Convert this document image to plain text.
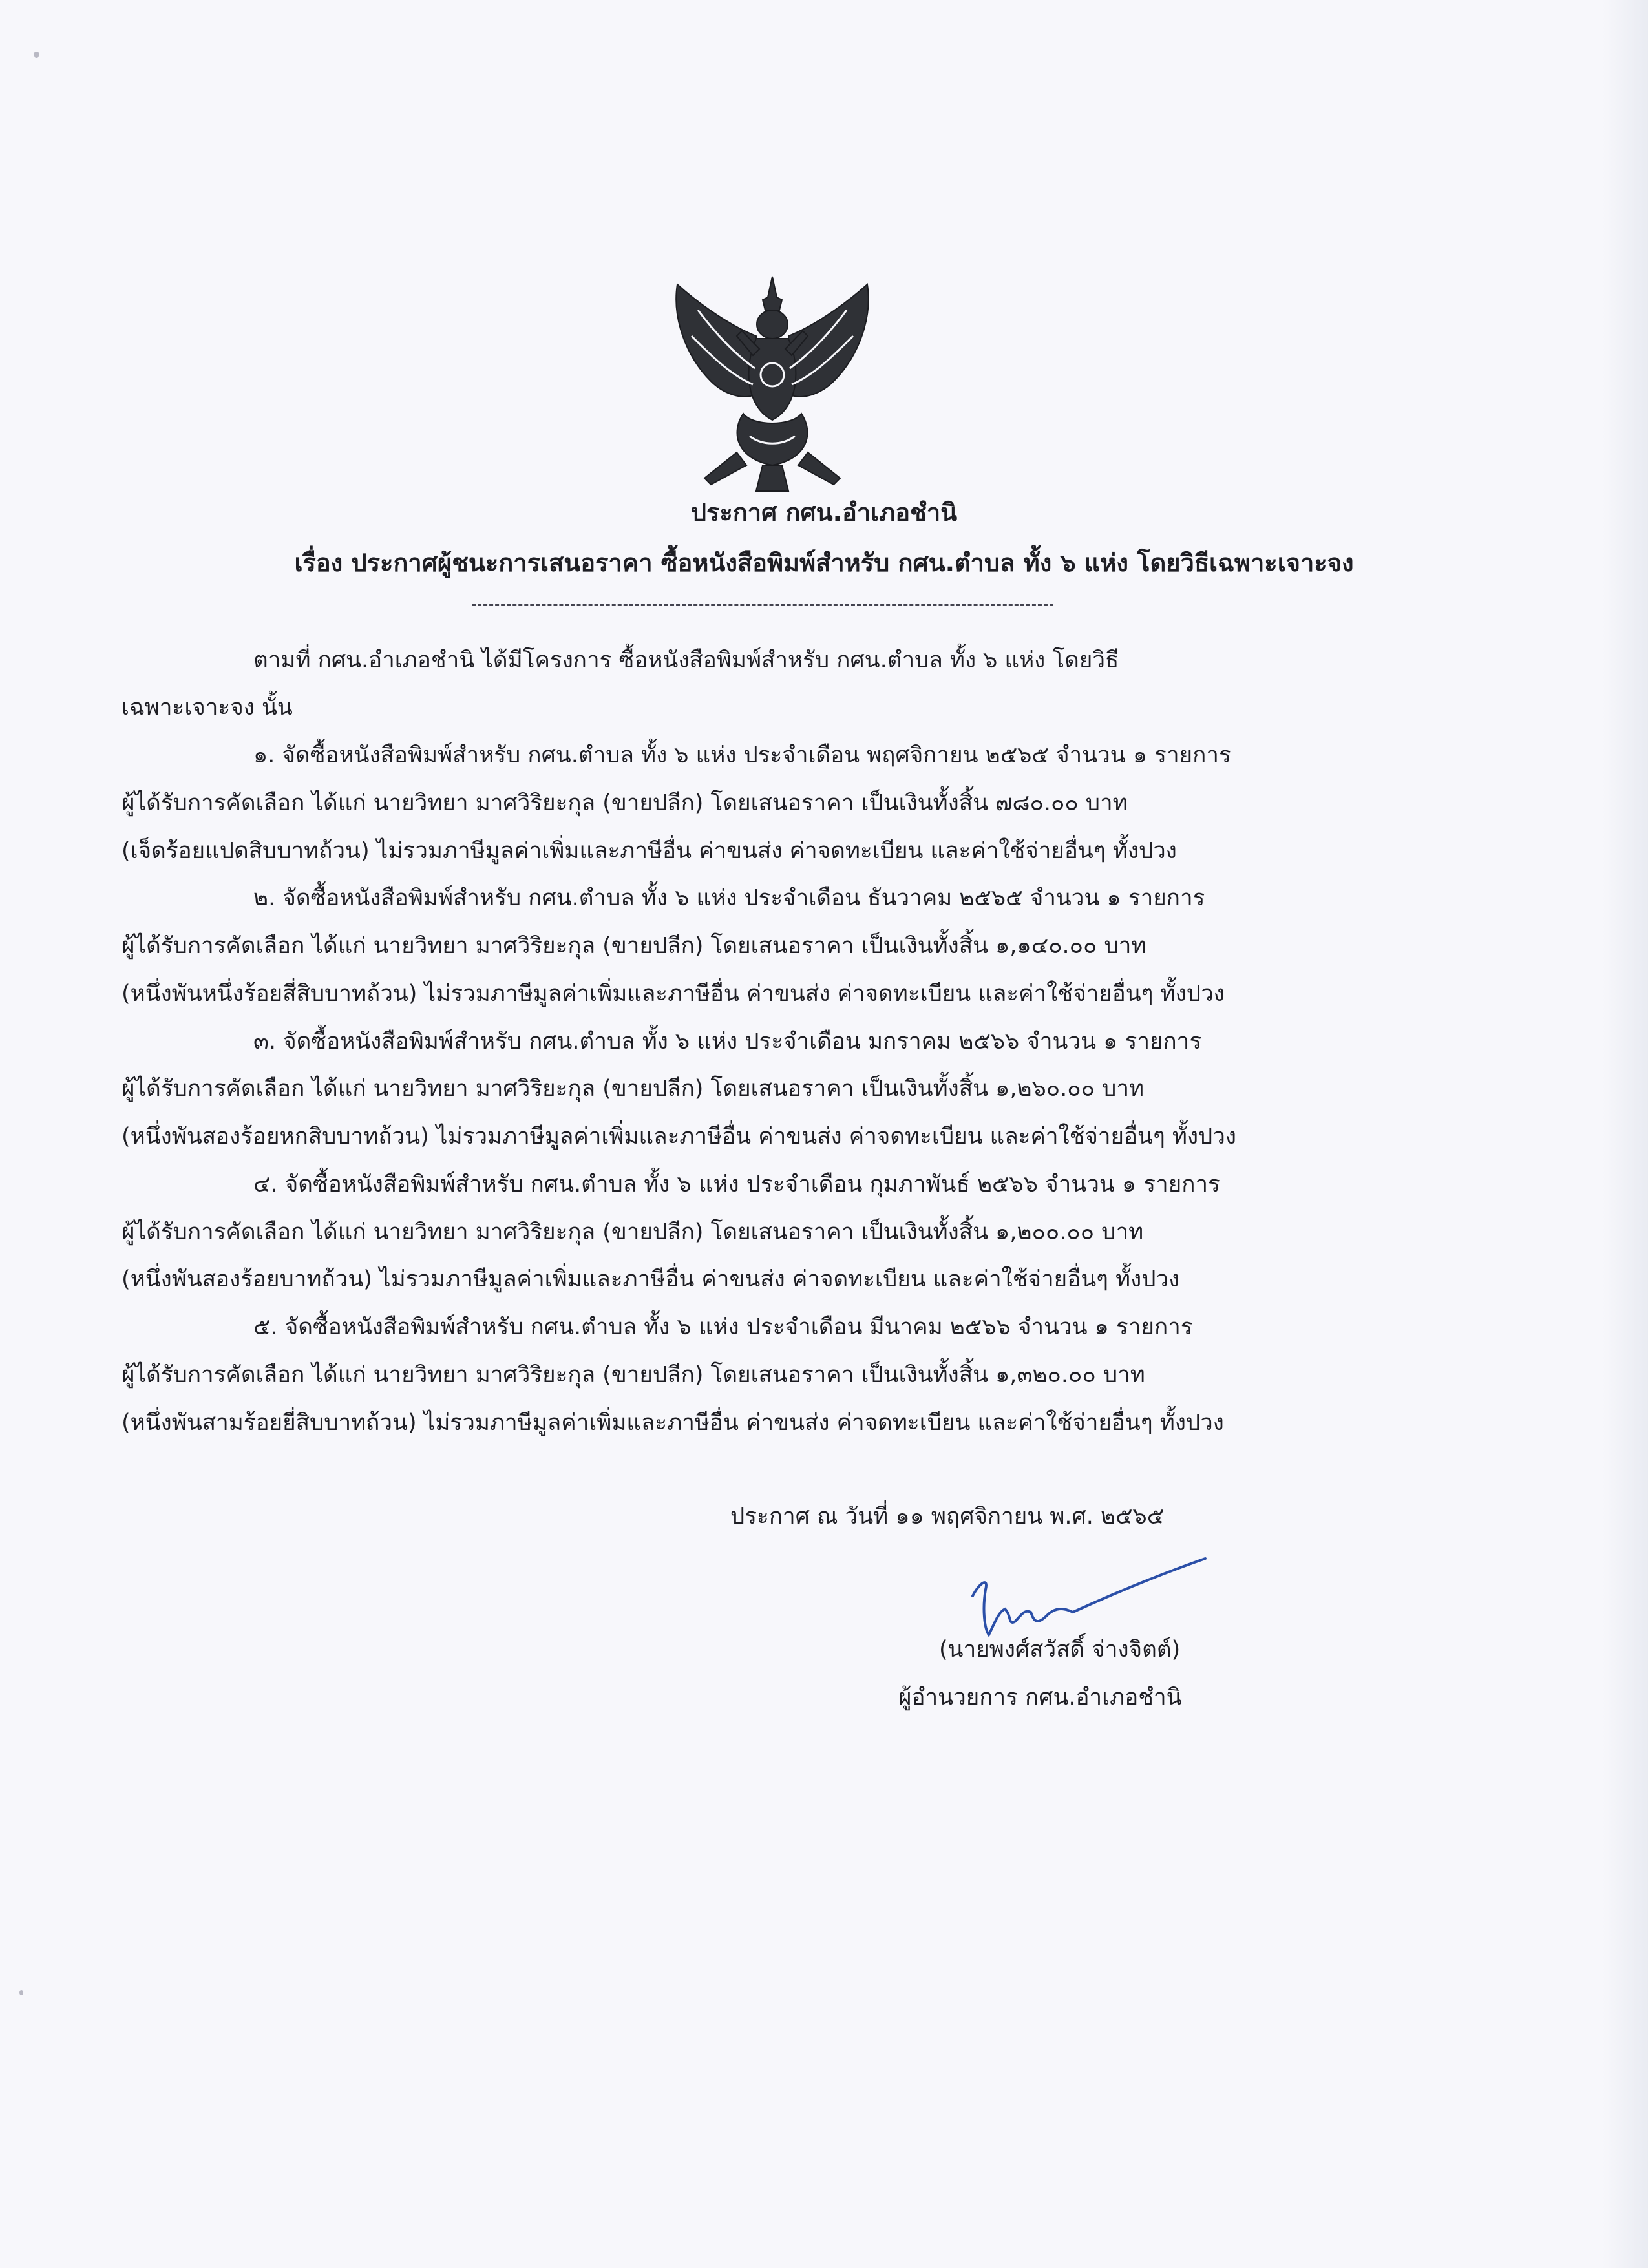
ประกาศ กศน.อำเภอชำนิ
เรื่อง ประกาศผู้ชนะการเสนอราคา ซื้อหนังสือพิมพ์สำหรับ กศน.ตำบล ทั้ง ๖ แห่ง โดยวิธีเฉพาะเจาะจง
ตามที่ กศน.อำเภอชำนิ ได้มีโครงการ ซื้อหนังสือพิมพ์สำหรับ กศน.ตำบล ทั้ง ๖ แห่ง โดยวิธี
เฉพาะเจาะจง นั้น
๑. จัดซื้อหนังสือพิมพ์สำหรับ กศน.ตำบล ทั้ง ๖ แห่ง ประจำเดือน พฤศจิกายน ๒๕๖๕ จำนวน ๑ รายการ
ผู้ได้รับการคัดเลือก ได้แก่ นายวิทยา มาศวิริยะกุล (ขายปลีก) โดยเสนอราคา เป็นเงินทั้งสิ้น ๗๘๐.๐๐ บาท
(เจ็ดร้อยแปดสิบบาทถ้วน) ไม่รวมภาษีมูลค่าเพิ่มและภาษีอื่น ค่าขนส่ง ค่าจดทะเบียน และค่าใช้จ่ายอื่นๆ ทั้งปวง
๒. จัดซื้อหนังสือพิมพ์สำหรับ กศน.ตำบล ทั้ง ๖ แห่ง ประจำเดือน ธันวาคม ๒๕๖๕ จำนวน ๑ รายการ
ผู้ได้รับการคัดเลือก ได้แก่ นายวิทยา มาศวิริยะกุล (ขายปลีก) โดยเสนอราคา เป็นเงินทั้งสิ้น ๑,๑๔๐.๐๐ บาท
(หนึ่งพันหนึ่งร้อยสี่สิบบาทถ้วน) ไม่รวมภาษีมูลค่าเพิ่มและภาษีอื่น ค่าขนส่ง ค่าจดทะเบียน และค่าใช้จ่ายอื่นๆ ทั้งปวง
๓. จัดซื้อหนังสือพิมพ์สำหรับ กศน.ตำบล ทั้ง ๖ แห่ง ประจำเดือน มกราคม ๒๕๖๖ จำนวน ๑ รายการ
ผู้ได้รับการคัดเลือก ได้แก่ นายวิทยา มาศวิริยะกุล (ขายปลีก) โดยเสนอราคา เป็นเงินทั้งสิ้น ๑,๒๖๐.๐๐ บาท
(หนึ่งพันสองร้อยหกสิบบาทถ้วน) ไม่รวมภาษีมูลค่าเพิ่มและภาษีอื่น ค่าขนส่ง ค่าจดทะเบียน และค่าใช้จ่ายอื่นๆ ทั้งปวง
๔. จัดซื้อหนังสือพิมพ์สำหรับ กศน.ตำบล ทั้ง ๖ แห่ง ประจำเดือน กุมภาพันธ์ ๒๕๖๖ จำนวน ๑ รายการ
ผู้ได้รับการคัดเลือก ได้แก่ นายวิทยา มาศวิริยะกุล (ขายปลีก) โดยเสนอราคา เป็นเงินทั้งสิ้น ๑,๒๐๐.๐๐ บาท
(หนึ่งพันสองร้อยบาทถ้วน) ไม่รวมภาษีมูลค่าเพิ่มและภาษีอื่น ค่าขนส่ง ค่าจดทะเบียน และค่าใช้จ่ายอื่นๆ ทั้งปวง
๕. จัดซื้อหนังสือพิมพ์สำหรับ กศน.ตำบล ทั้ง ๖ แห่ง ประจำเดือน มีนาคม ๒๕๖๖ จำนวน ๑ รายการ
ผู้ได้รับการคัดเลือก ได้แก่ นายวิทยา มาศวิริยะกุล (ขายปลีก) โดยเสนอราคา เป็นเงินทั้งสิ้น ๑,๓๒๐.๐๐ บาท
(หนึ่งพันสามร้อยยี่สิบบาทถ้วน) ไม่รวมภาษีมูลค่าเพิ่มและภาษีอื่น ค่าขนส่ง ค่าจดทะเบียน และค่าใช้จ่ายอื่นๆ ทั้งปวง
ประกาศ ณ วันที่ ๑๑ พฤศจิกายน พ.ศ. ๒๕๖๕
(นายพงศ์สวัสดิ์ จ่างจิตต์)
ผู้อำนวยการ กศน.อำเภอชำนิ
